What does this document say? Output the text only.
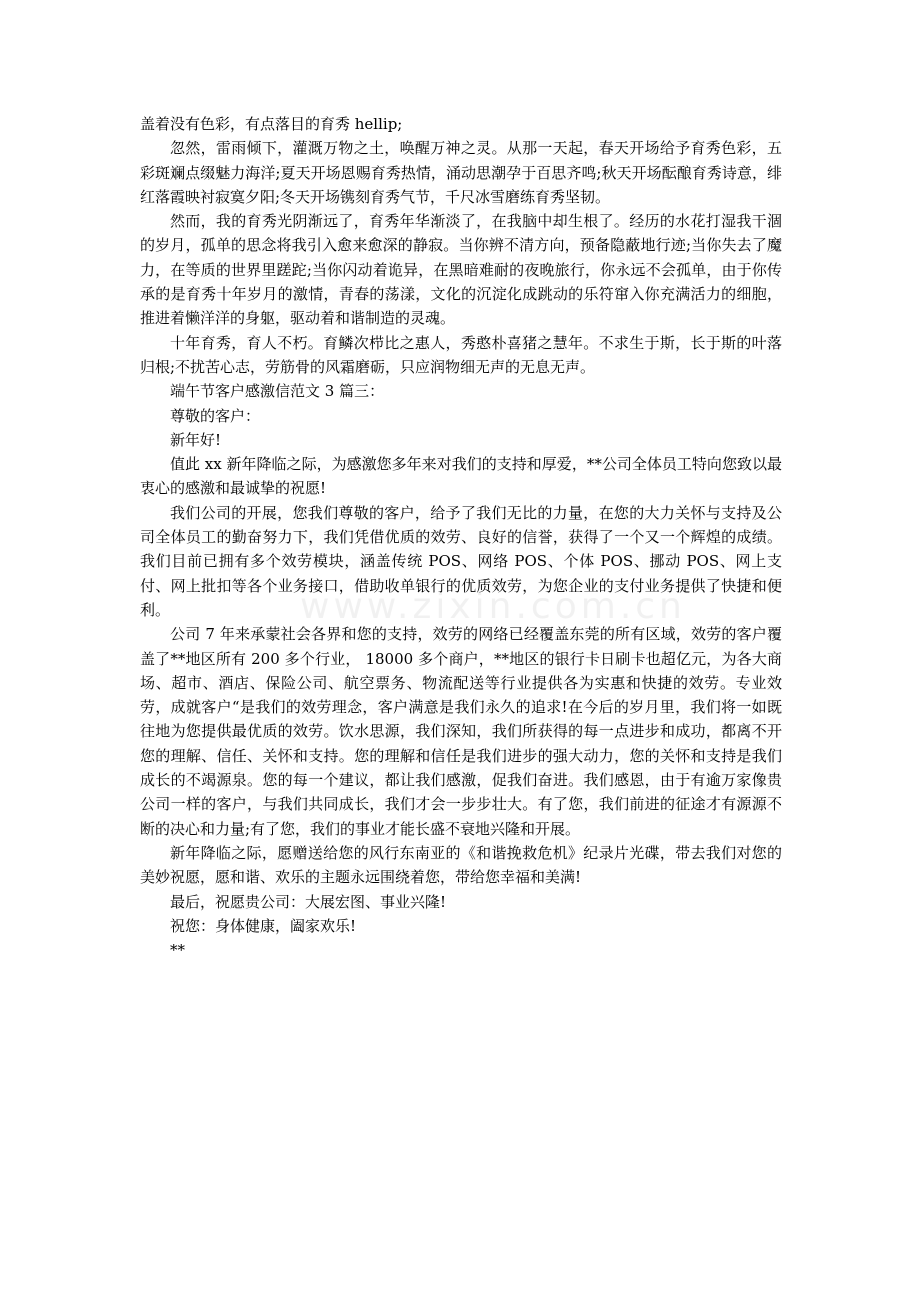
www.zixin.com.cn

盖着没有色彩，有点落目的育秀 hellip;

忽然，雷雨倾下，灌溉万物之土，唤醒万神之灵。从那一天起，春天开场给予育秀色彩，五彩斑斓点缀魅力海洋;夏天开场恩赐育秀热情，涌动思潮孕于百思齐鸣;秋天开场酝酿育秀诗意，绯红落霞映衬寂寞夕阳;冬天开场镌刻育秀气节，千尺冰雪磨练育秀坚韧。

然而，我的育秀光阴渐远了，育秀年华渐淡了，在我脑中却生根了。经历的水花打湿我干涸的岁月，孤单的思念将我引入愈来愈深的静寂。当你辨不清方向，预备隐蔽地行迹;当你失去了魔力，在等质的世界里蹉跎;当你闪动着诡异，在黑暗难耐的夜晚旅行，你永远不会孤单，由于你传承的是育秀十年岁月的激情，青春的荡漾，文化的沉淀化成跳动的乐符窜入你充满活力的细胞，推进着懒洋洋的身躯，驱动着和谐制造的灵魂。

十年育秀，育人不朽。育鳞次栉比之惠人，秀憨朴喜猪之慧年。不求生于斯，长于斯的叶落归根;不扰苦心志，劳筋骨的风霜磨砺，只应润物细无声的无息无声。

端午节客户感激信范文 3 篇三：

尊敬的客户：

新年好!

值此 xx 新年降临之际，为感激您多年来对我们的支持和厚爱，**公司全体员工特向您致以最衷心的感激和最诚挚的祝愿!

我们公司的开展，您我们尊敬的客户，给予了我们无比的力量，在您的大力关怀与支持及公司全体员工的勤奋努力下，我们凭借优质的效劳、良好的信誉，获得了一个又一个辉煌的成绩。我们目前已拥有多个效劳模块，涵盖传统 POS、网络 POS、个体 POS、挪动 POS、网上支付、网上批扣等各个业务接口，借助收单银行的优质效劳，为您企业的支付业务提供了快捷和便利。

公司 7 年来承蒙社会各界和您的支持，效劳的网络已经覆盖东莞的所有区域，效劳的客户覆盖了**地区所有 200 多个行业， 18000 多个商户，**地区的银行卡日刷卡也超亿元，为各大商场、超市、酒店、保险公司、航空票务、物流配送等行业提供各为实惠和快捷的效劳。专业效劳，成就客户“是我们的效劳理念，客户满意是我们永久的追求!在今后的岁月里，我们将一如既往地为您提供最优质的效劳。饮水思源，我们深知，我们所获得的每一点进步和成功，都离不开您的理解、信任、关怀和支持。您的理解和信任是我们进步的强大动力，您的关怀和支持是我们成长的不竭源泉。您的每一个建议，都让我们感激，促我们奋进。我们感恩，由于有逾万家像贵公司一样的客户，与我们共同成长，我们才会一步步壮大。有了您，我们前进的征途才有源源不断的决心和力量;有了您，我们的事业才能长盛不衰地兴隆和开展。

新年降临之际，愿赠送给您的风行东南亚的《和谐挽救危机》纪录片光碟，带去我们对您的美妙祝愿，愿和谐、欢乐的主题永远围绕着您，带给您幸福和美满!

最后，祝愿贵公司：大展宏图、事业兴隆!

祝您：身体健康，阖家欢乐!

**
